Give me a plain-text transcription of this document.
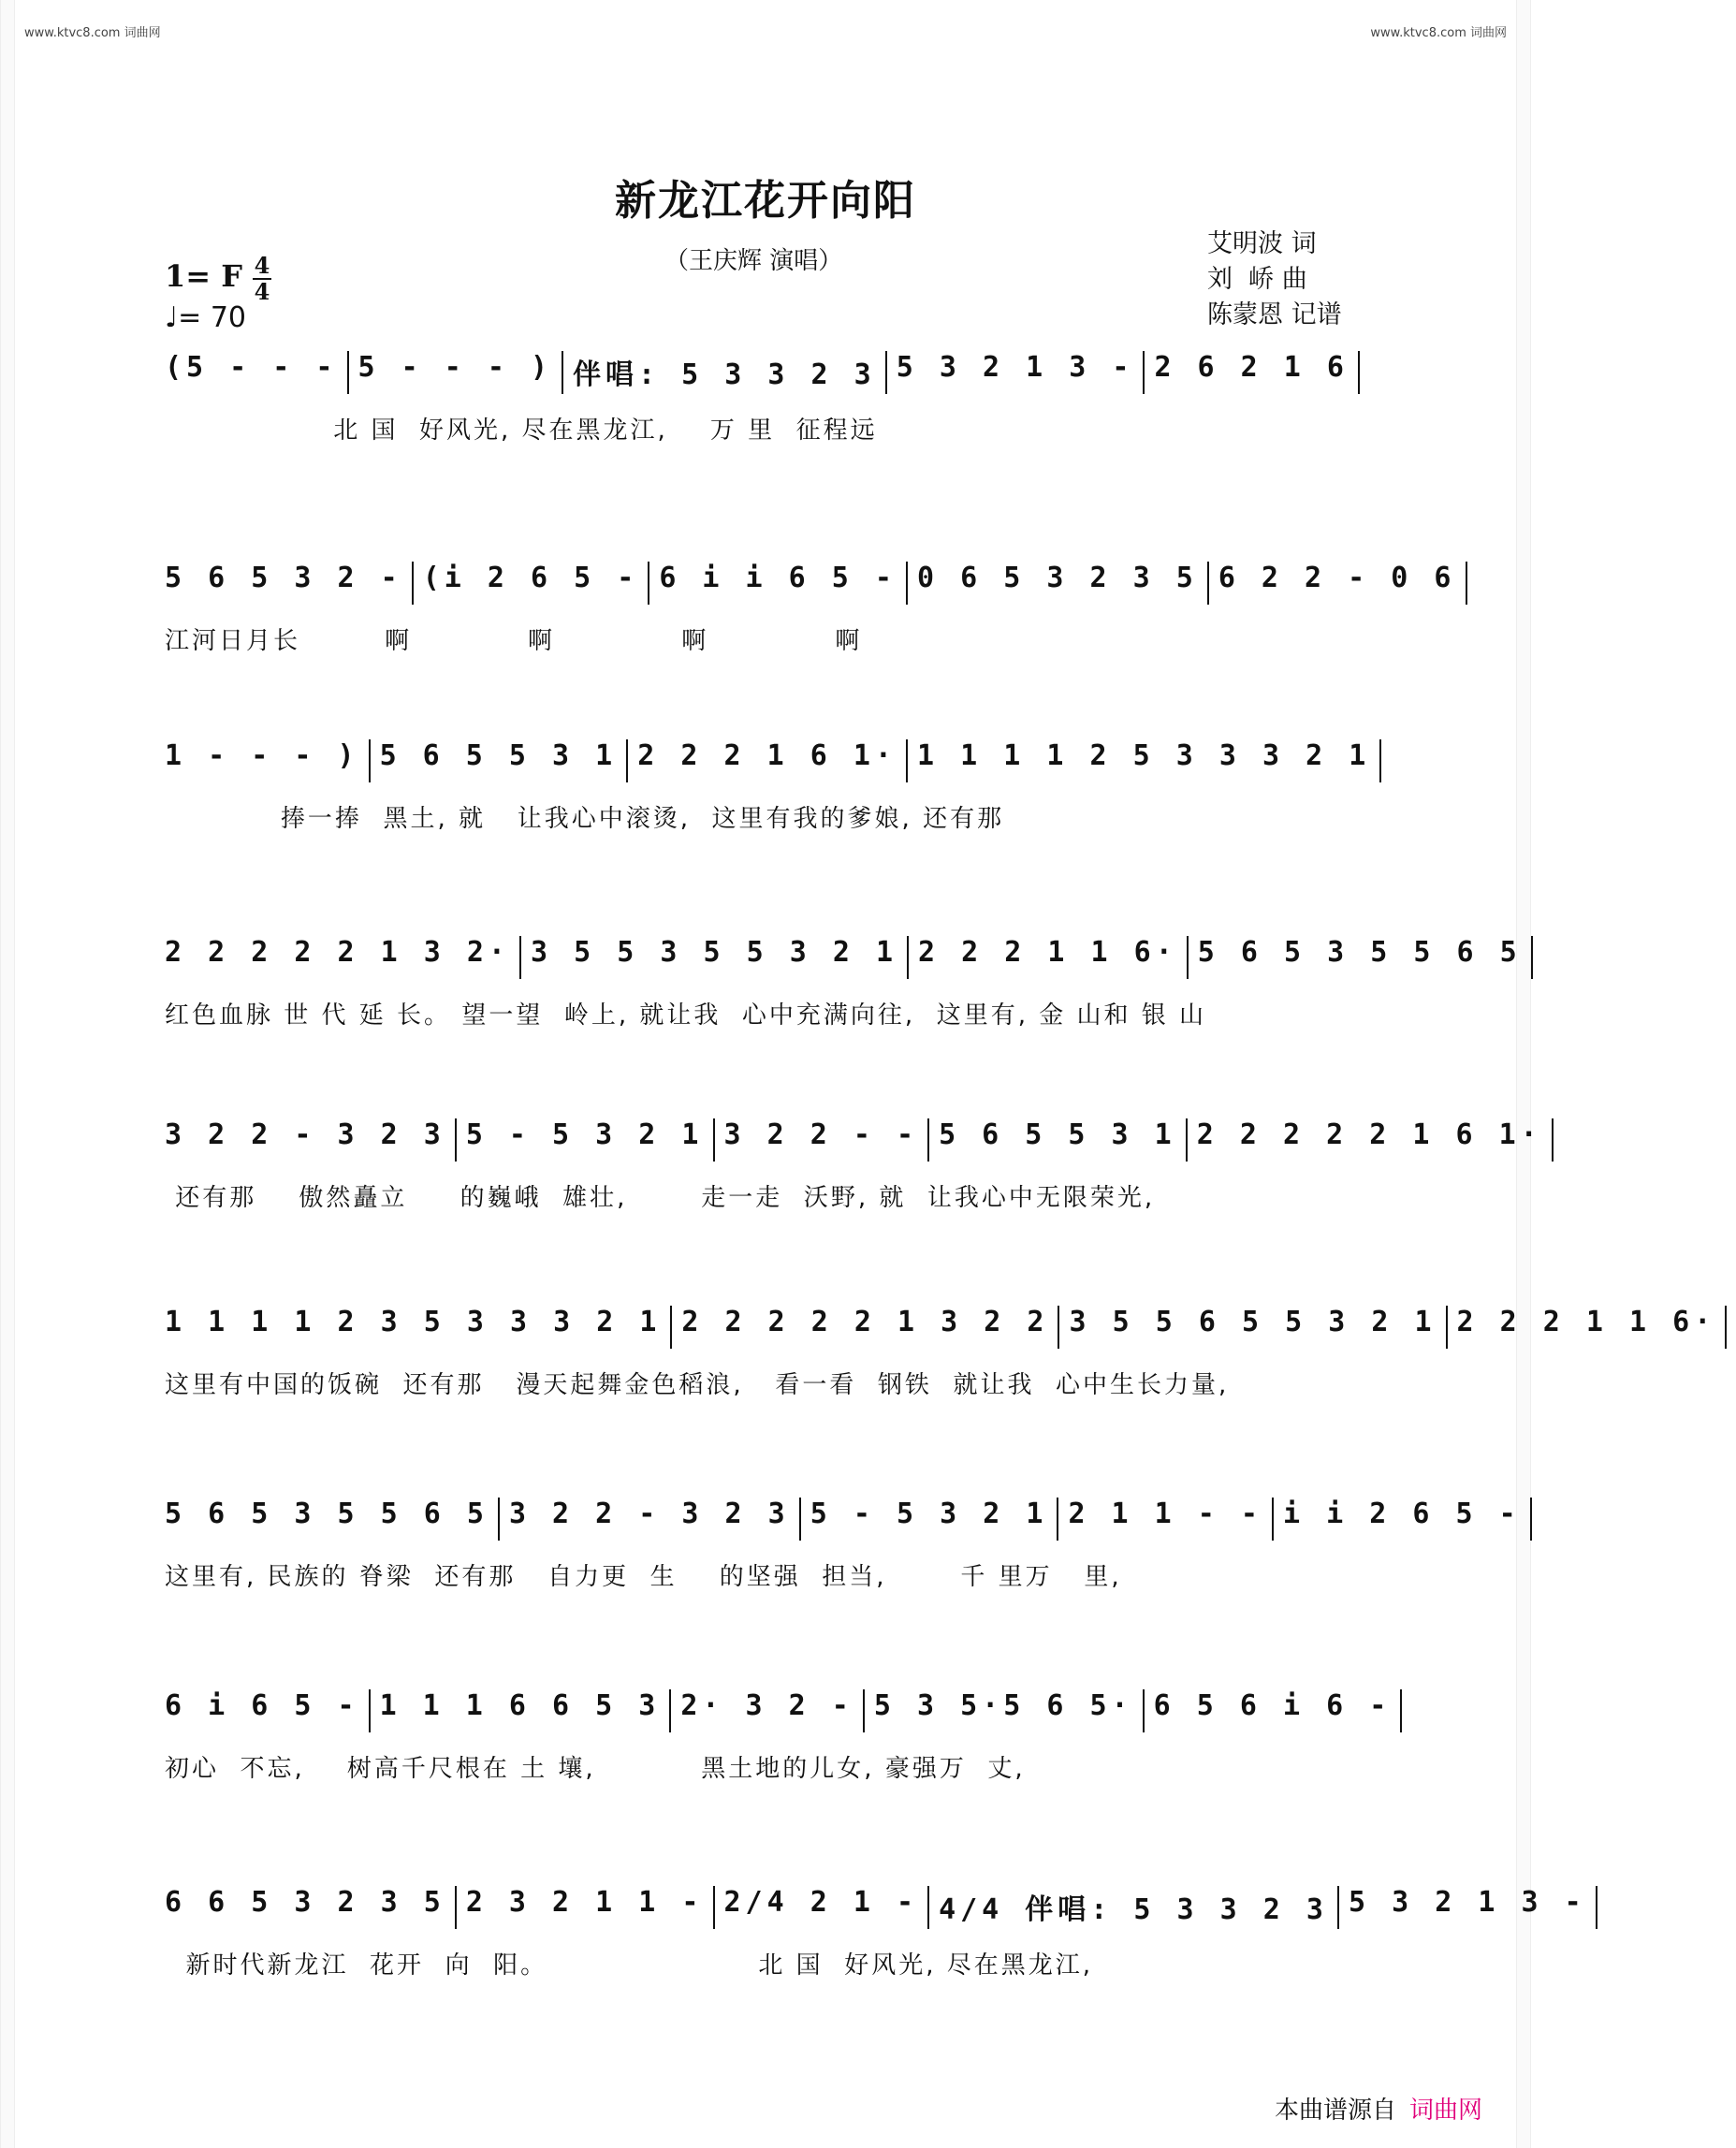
www.ktvc8.com 词曲网	www.ktvc8.com 词曲网
新龙江花开向阳
（王庆辉 演唱）
艾明波 词
刘  峤 曲
陈蒙恩 记谱
1= F 4
4
♩= 70
(5 - - - 5 - - - ) 伴唱: 5 3 3 2 3 5 3 2 1 3 - 2 6 2 1 6
北 国  好风光, 尽在黑龙江,    万 里  征程远
5 6 5 3 2 - (i 2 6 5 - 6 i i 6 5 - 0 6 5 3 2 3 5 6 2 2 - 0 6
江河日月长        啊           啊            啊            啊
1 - - - ) 5 6 5 5 3 1 2 2 2 1 6 1· 1 1 1 1 2 5 3 3 3 2 1
捧一捧  黑土, 就   让我心中滚烫,  这里有我的爹娘, 还有那
2 2 2 2 2 1 3 2· 3 5 5 3 5 5 3 2 1 2 2 2 1 1 6· 5 6 5 3 5 5 6 5
红色血脉 世 代 延 长。 望一望  岭上, 就让我  心中充满向往,  这里有, 金 山和 银 山
3 2 2 - 3 2 3 5 - 5 3 2 1 3 2 2 - - 5 6 5 5 3 1 2 2 2 2 2 1 6 1·
还有那    傲然矗立     的巍峨  雄壮,       走一走  沃野, 就  让我心中无限荣光,
1 1 1 1 2 3 5 3 3 3 2 1 2 2 2 2 2 1 3 2 2 3 5 5 6 5 5 3 2 1 2 2 2 1 1 6·
这里有中国的饭碗  还有那   漫天起舞金色稻浪,   看一看  钢铁  就让我  心中生长力量,
5 6 5 3 5 5 6 5 3 2 2 - 3 2 3 5 - 5 3 2 1 2 1 1 - - i i 2 6 5 -
这里有, 民族的 脊梁  还有那   自力更  生    的坚强  担当,       千 里万   里,
6 i 6 5 - 1 1 1 6 6 5 3 2· 3 2 - 5 3 5·5 6 5· 6 5 6 i 6 -
初心  不忘,    树高千尺根在 土 壤,          黑土地的儿女, 豪强万  丈,
6 6 5 3 2 3 5 2 3 2 1 1 - 2/4 2 1 - 4/4 伴唱: 5 3 3 2 3 5 3 2 1 3 -
新时代新龙江  花开  向  阳。                    北 国  好风光, 尽在黑龙江,
本曲谱源自 词曲网
